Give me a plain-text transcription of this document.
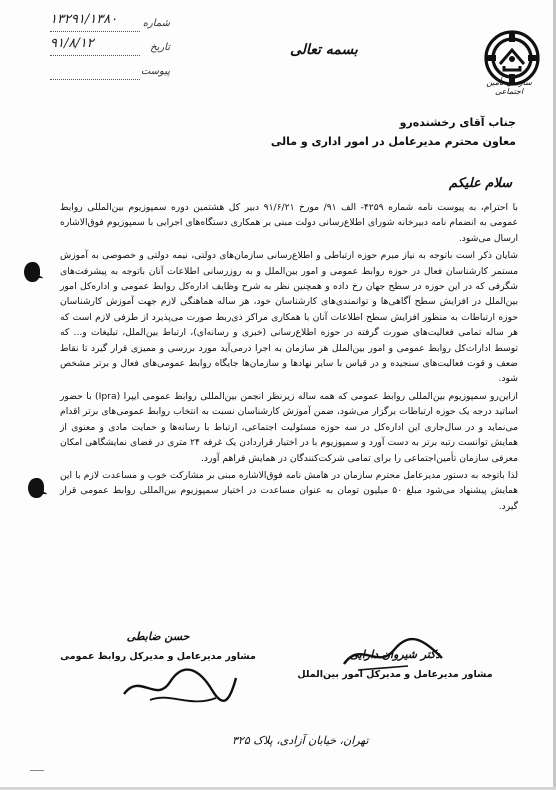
۱۳۲۹۱/۱۳۸۰	شماره
۹۱/۸/۱۲	تاریخ
پیوست
بسمه تعالی
سازمان تأمین اجتماعی
جناب آقای رخشنده‌رو
معاون محترم مدیرعامل در امور اداری و مالی
سلام علیکم

با احترام، به پیوست نامه شماره ۴۲۵۹- الف ۹۱/ مورخ ۹۱/۶/۲۱ دبیر کل هشتمین دوره سمپوزیوم بین‌المللی روابط عمومی به انضمام نامه دبیرخانه شورای اطلاع‌رسانی دولت مبنی بر همکاری دستگاه‌های اجرایی با سمپوزیوم فوق‌الاشاره ارسال می‌شود.

شایان ذکر است باتوجه به نیاز مبرم حوزه ارتباطی و اطلاع‌رسانی سازمان‌های دولتی، نیمه دولتی و خصوصی به آموزش مستمر کارشناسان فعال در حوزه روابط عمومی و امور بین‌الملل و به روزرسانی اطلاعات آنان باتوجه به پیشرفت‌های شگرفی که در این حوزه در سطح جهان رخ داده و همچنین نظر به شرح وظایف اداره‌کل روابط عمومی و اداره‌کل امور بین‌الملل در افزایش سطح آگاهی‌ها و توانمندی‌های کارشناسان خود، هر ساله هماهنگی لازم جهت آموزش کارشناسان حوزه ارتباطات به منظور افزایش سطح اطلاعات آنان با همکاری مراکز ذی‌ربط صورت می‌پذیرد از طرفی لازم است که هر ساله تمامی فعالیت‌های صورت گرفته در حوزه اطلاع‌رسانی (خبری و رسانه‌ای)، ارتباط بین‌الملل، تبلیغات و... که توسط ادارات‌کل روابط عمومی و امور بین‌الملل هر سازمان به اجرا درمی‌آید مورد بررسی و ممیزی قرار گیرد تا نقاط ضعف و قوت فعالیت‌های سنجیده و در قیاس با سایر نهادها و سازمان‌ها جایگاه روابط عمومی‌های فعال و برتر مشخص شود.

ازاین‌رو سمپوزیوم بین‌المللی روابط عمومی که همه ساله زیرنظر انجمن بین‌المللی روابط عمومی ایپرا (Ipra) با حضور اساتید درجه یک حوزه ارتباطات برگزار می‌شود، ضمن آموزش کارشناسان نسبت به انتخاب روابط عمومی‌های برتر اقدام می‌نماید و در سال‌جاری این اداره‌کل در سه حوزه مسئولیت اجتماعی، ارتباط با رسانه‌ها و حمایت مادی و معنوی از همایش توانست رتبه برتر به دست آورد و سمپوزیوم با در اختیار قراردادن یک غرفه ۲۴ متری در فضای نمایشگاهی امکان معرفی سازمان تأمین‌اجتماعی را برای تمامی شرکت‌کنندگان در همایش فراهم آورد.

لذا باتوجه به دستور مدیرعامل محترم سازمان در هامش نامه فوق‌الاشاره مبنی بر مشارکت خوب و مساعدت لازم با این همایش پیشنهاد می‌شود مبلغ ۵۰ میلیون تومان به عنوان مساعدت در اختیار سمپوزیوم بین‌المللی روابط عمومی قرار گیرد.

حسن ضابطی
مشاور مدیرعامل و مدیرکل روابط عمومی	دکتر شیروان دارایی
مشاور مدیرعامل و مدیرکل امور بین‌الملل
تهران، خیابان آزادی، پلاک ۳۲۵
